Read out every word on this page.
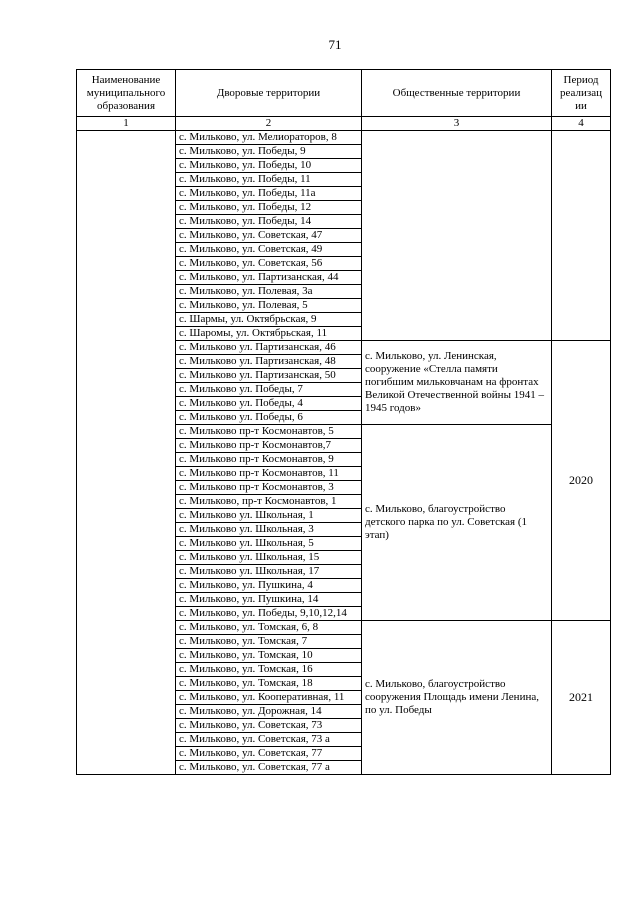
71
Наименование муниципального образования	Дворовые территории	Общественные территории	Период реализац ии
1	2	3	4
	с. Мильково, ул. Мелиораторов, 8		
	с. Мильково, ул. Победы, 9		
	с. Мильково, ул. Победы, 10		
	с. Мильково, ул. Победы, 11		
	с. Мильково, ул. Победы, 11а		
	с. Мильково, ул. Победы, 12		
	с. Мильково, ул. Победы, 14		
	с. Мильково, ул. Советская, 47		
	с. Мильково, ул. Советская, 49		
	с. Мильково, ул. Советская, 56		
	с. Мильково, ул. Партизанская, 44		
	с. Мильково, ул. Полевая, 3а		
	с. Мильково, ул. Полевая, 5		
	с. Шармы, ул. Октябрьская, 9		
	с. Шаромы, ул. Октябрьская, 11		
	с. Мильково ул. Партизанская, 46	с. Мильково, ул. Ленинская, сооружение «Стелла памяти погибшим мильковчанам на фронтах Великой Отечественной войны 1941 – 1945 годов»	2020
	с. Мильково ул. Партизанская, 48		
	с. Мильково ул. Партизанская, 50		
	с. Мильково ул. Победы, 7		
	с. Мильково ул. Победы, 4		
	с. Мильково ул. Победы, 6		
	с. Мильково пр-т Космонавтов, 5	с. Мильково, благоустройство детского парка по ул. Советская (1 этап)	
	с. Мильково пр-т Космонавтов,7		
	с. Мильково пр-т Космонавтов, 9		
	с. Мильково пр-т Космонавтов, 11		
	с. Мильково пр-т Космонавтов, 3		
	с. Мильково, пр-т Космонавтов, 1		
	с. Мильково ул. Школьная, 1		
	с. Мильково ул. Школьная, 3		
	с. Мильково ул. Школьная, 5		
	с. Мильково ул. Школьная, 15		
	с. Мильково ул. Школьная, 17		
	с. Мильково, ул. Пушкина, 4		
	с. Мильково, ул. Пушкина, 14		
	с. Мильково, ул. Победы, 9,10,12,14		
	с. Мильково, ул. Томская, 6, 8	с. Мильково, благоустройство сооружения Площадь имени Ленина, по ул. Победы	2021
	с. Мильково, ул. Томская, 7		
	с. Мильково, ул. Томская, 10		
	с. Мильково, ул. Томская, 16		
	с. Мильково, ул. Томская, 18		
	с. Мильково, ул. Кооперативная, 11		
	с. Мильково, ул. Дорожная, 14		
	с. Мильково, ул. Советская, 73		
	с. Мильково, ул. Советская, 73 а		
	с. Мильково, ул. Советская, 77		
	с. Мильково, ул. Советская, 77 а		
